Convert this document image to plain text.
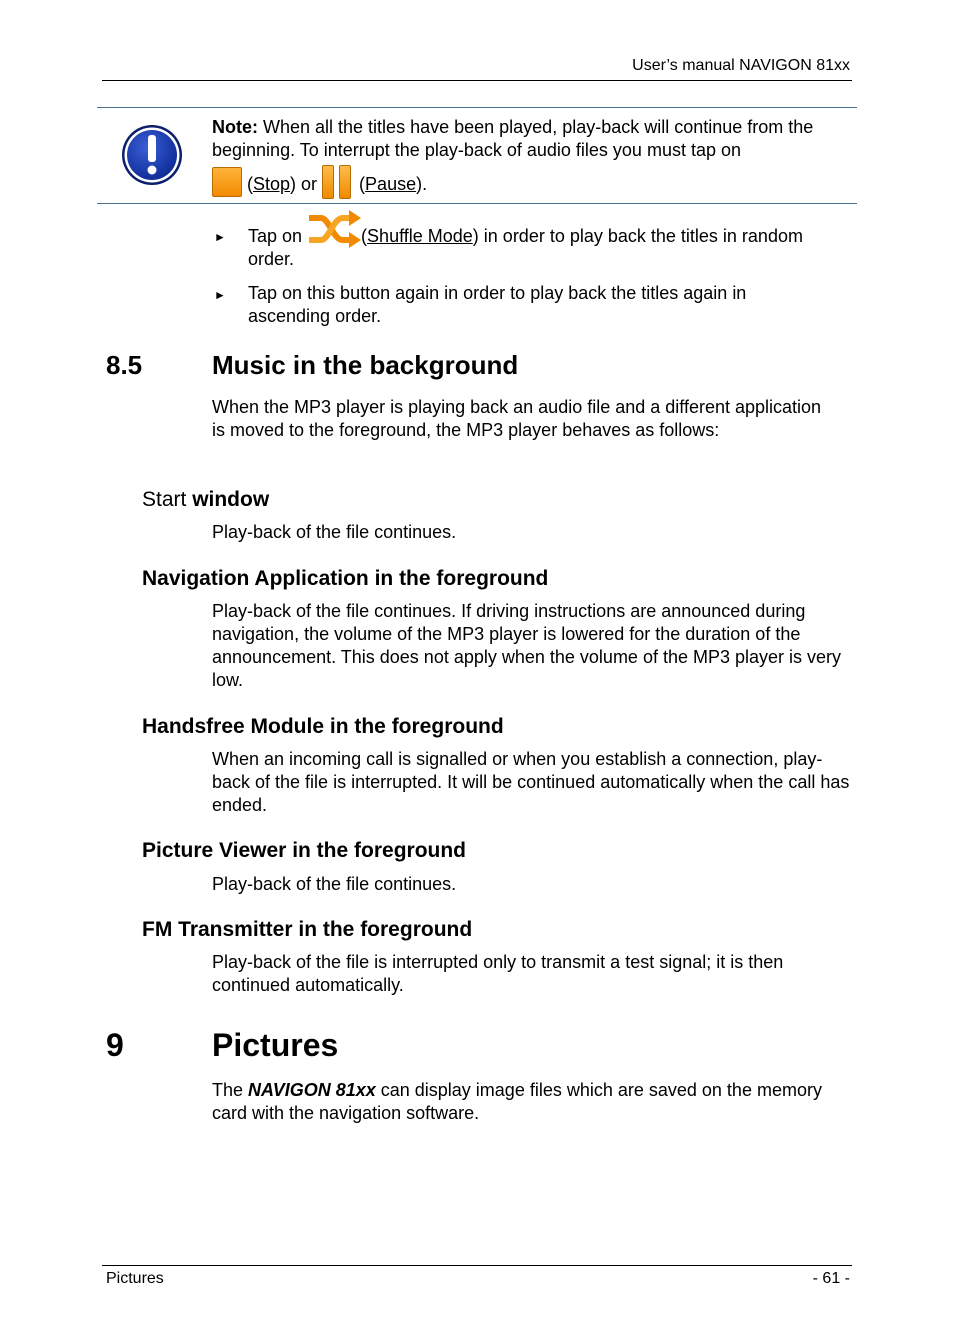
User’s manual NAVIGON 81xx
Note: When all the titles have been played, play-back will continue from the beginning. To interrupt the play-back of audio files you must tap on
(Stop) or
(Pause).
► Tap on	(Shuffle Mode) in order to play back the titles in random order.
► Tap on this button again in order to play back the titles again in ascending order.
8.5	Music in the background
When the MP3 player is playing back an audio file and a different application is moved to the foreground, the MP3 player behaves as follows:
Start window
Play-back of the file continues.
Navigation Application in the foreground
Play-back of the file continues. If driving instructions are announced during navigation, the volume of the MP3 player is lowered for the duration of the announcement. This does not apply when the volume of the MP3 player is very low.
Handsfree Module in the foreground
When an incoming call is signalled or when you establish a connection, play-back of the file is interrupted. It will be continued automatically when the call has ended.
Picture Viewer in the foreground
Play-back of the file continues.
FM Transmitter in the foreground
Play-back of the file is interrupted only to transmit a test signal; it is then continued automatically.
9	Pictures
The NAVIGON 81xx can display image files which are saved on the memory card with the navigation software.
Pictures	- 61 -
